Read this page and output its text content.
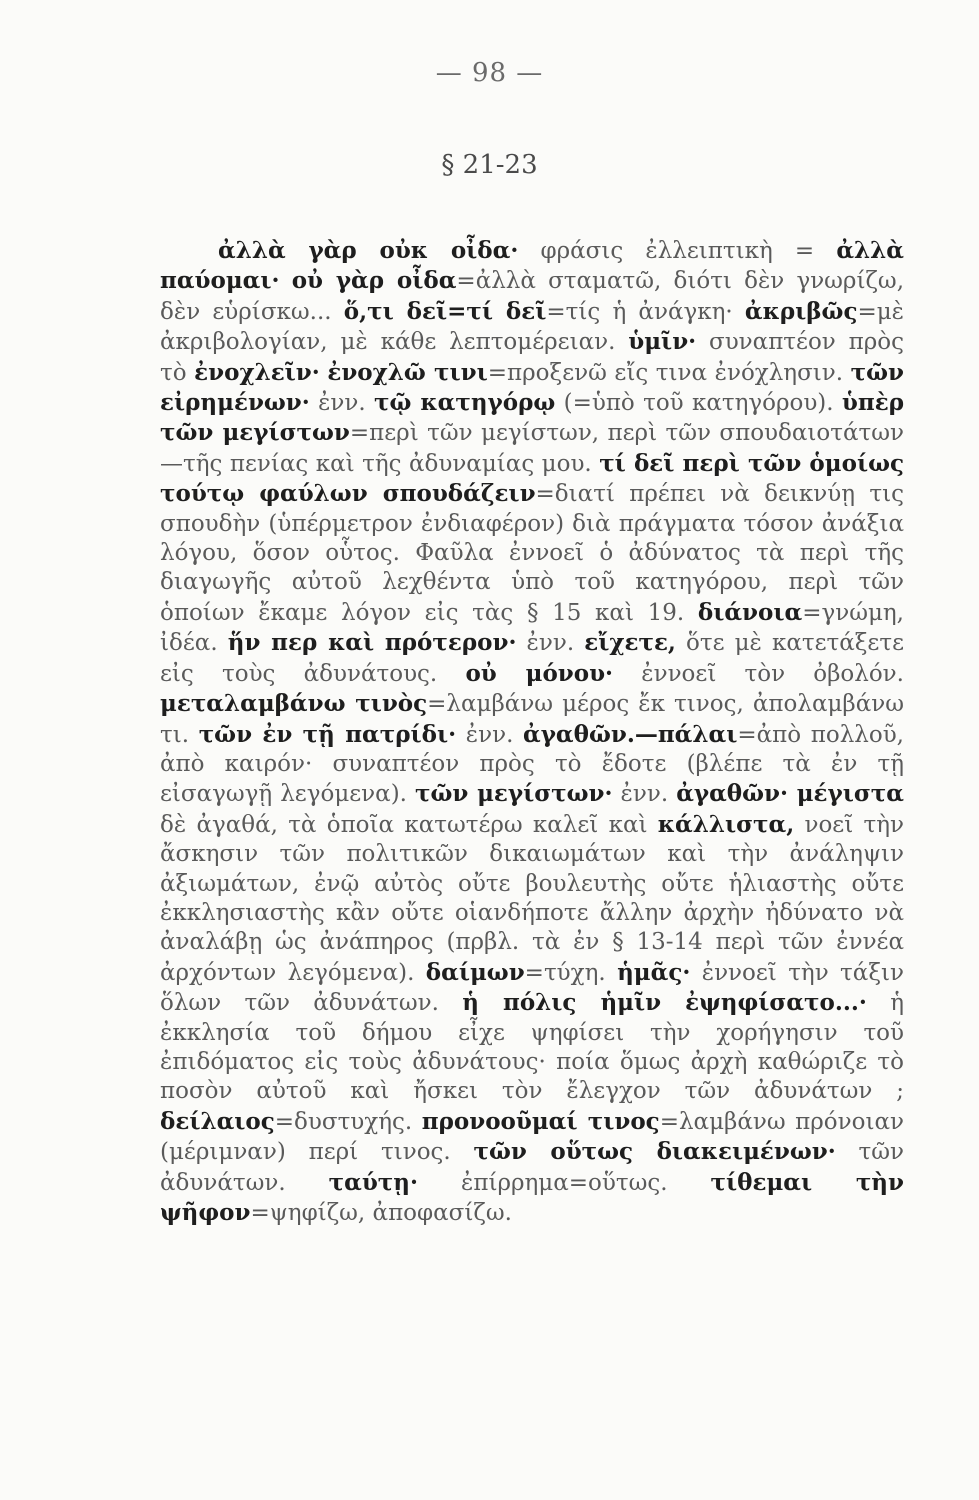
— 98 —
§ 21-23

ἀλλὰ γὰρ οὐκ οἶδα· φράσις ἐλλειπτικὴ = ἀλλὰ παύομαι· οὐ γὰρ οἶδα=ἀλλὰ σταματῶ, διότι δὲν γνωρίζω, δὲν εὑρίσκω... ὅ,τι δεῖ=τί δεῖ=τίς ἡ ἀνάγκη· ἀκριβῶς=μὲ ἀκριβολογίαν, μὲ κάθε λεπτομέρειαν. ὑμῖν· συναπτέον πρὸς τὸ ἐνοχλεῖν· ἐνοχλῶ τινι=προξενῶ εἴς τινα ἐνόχλησιν. τῶν εἰρημένων· ἐνν. τῷ κατηγόρῳ (=ὑπὸ τοῦ κατηγόρου). ὑπὲρ τῶν μεγίστων=περὶ τῶν μεγίστων, περὶ τῶν σπουδαιοτάτων—τῆς πενίας καὶ τῆς ἀδυναμίας μου. τί δεῖ περὶ τῶν ὁμοίως τούτῳ φαύλων σπουδάζειν=διατί πρέπει νὰ δεικνύῃ τις σπουδὴν (ὑπέρμετρον ἐνδιαφέρον) διὰ πράγματα τόσον ἀνάξια λόγου, ὅσον οὗτος. Φαῦλα ἐννοεῖ ὁ ἀδύνατος τὰ περὶ τῆς διαγωγῆς αὐτοῦ λεχθέντα ὑπὸ τοῦ κατηγόρου, περὶ τῶν ὁποίων ἔκαμε λόγον εἰς τὰς § 15 καὶ 19. διάνοια=γνώμη, ἰδέα. ἥν περ καὶ πρότερον· ἐνν. εἴχετε, ὅτε μὲ κατετάξετε εἰς τοὺς ἀδυνάτους. οὐ μόνου· ἐννοεῖ τὸν ὀβολόν. μεταλαμβάνω τινὸς=λαμβάνω μέρος ἔκ τινος, ἀπολαμβάνω τι. τῶν ἐν τῇ πατρίδι· ἐνν. ἀγαθῶν.—πάλαι=ἀπὸ πολλοῦ, ἀπὸ καιρόν· συναπτέον πρὸς τὸ ἔδοτε (βλέπε τὰ ἐν τῇ εἰσαγωγῇ λεγόμενα). τῶν μεγίστων· ἐνν. ἀγαθῶν· μέγιστα δὲ ἀγαθά, τὰ ὁποῖα κατωτέρω καλεῖ καὶ κάλλιστα, νοεῖ τὴν ἄσκησιν τῶν πολιτικῶν δικαιωμάτων καὶ τὴν ἀνάληψιν ἀξιωμάτων, ἐνῷ αὐτὸς οὔτε βουλευτὴς οὔτε ἡλιαστὴς οὔτε ἐκκλησιαστὴς κἂν οὔτε οἱανδήποτε ἄλλην ἀρχὴν ἠδύνατο νὰ ἀναλάβῃ ὡς ἀνάπηρος (πρβλ. τὰ ἐν § 13-14 περὶ τῶν ἐννέα ἀρχόντων λεγόμενα). δαίμων=τύχη. ἡμᾶς· ἐννοεῖ τὴν τάξιν ὅλων τῶν ἀδυνάτων. ἡ πόλις ἡμῖν ἐψηφίσατο...· ἡ ἐκκλησία τοῦ δήμου εἶχε ψηφίσει τὴν χορήγησιν τοῦ ἐπιδόματος εἰς τοὺς ἀδυνάτους· ποία ὅμως ἀρχὴ καθώριζε τὸ ποσὸν αὐτοῦ καὶ ἤσκει τὸν ἔλεγχον τῶν ἀδυνάτων ; δείλαιος=δυστυχής. προνοοῦμαί τινος=λαμβάνω πρόνοιαν (μέριμναν) περί τινος. τῶν οὕτως διακειμένων· τῶν ἀδυνάτων. ταύτῃ· ἐπίρρημα=οὕτως. τίθεμαι τὴν ψῆφον=ψηφίζω, ἀποφασίζω.
